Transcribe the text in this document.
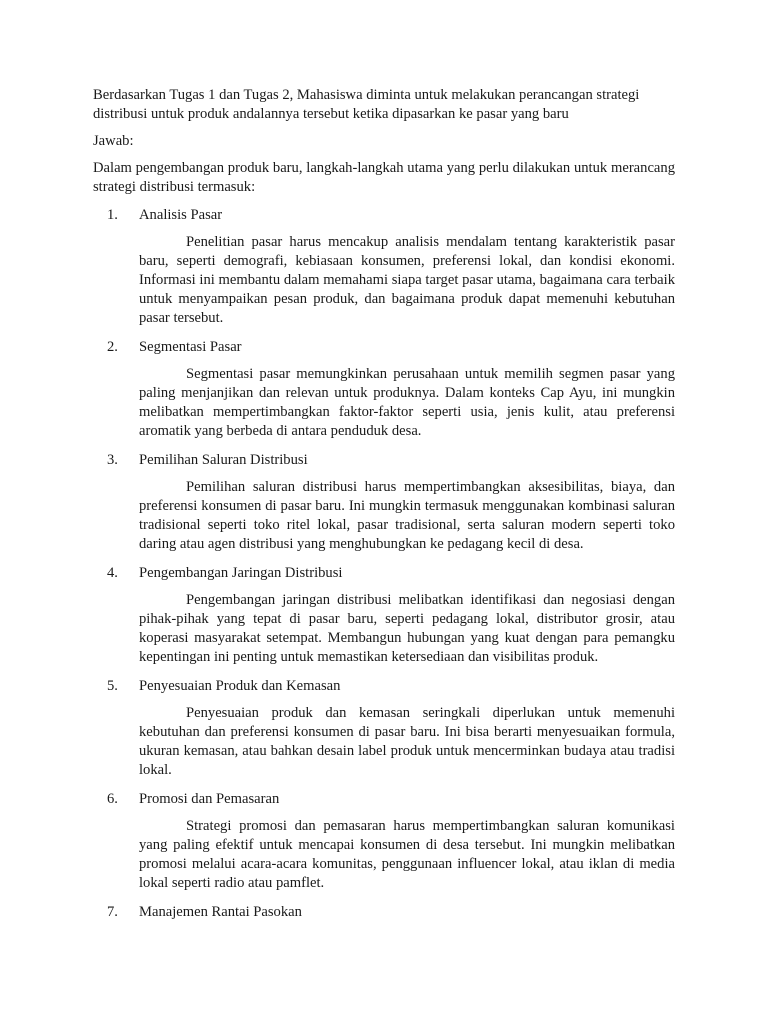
Berdasarkan Tugas 1 dan Tugas 2, Mahasiswa diminta untuk melakukan perancangan strategi distribusi untuk produk andalannya tersebut ketika dipasarkan ke pasar yang baru

Jawab:

Dalam pengembangan produk baru, langkah-langkah utama yang perlu dilakukan untuk merancang strategi distribusi termasuk:

1.	Analisis Pasar

Penelitian pasar harus mencakup analisis mendalam tentang karakteristik pasar baru, seperti demografi, kebiasaan konsumen, preferensi lokal, dan kondisi ekonomi. Informasi ini membantu dalam memahami siapa target pasar utama, bagaimana cara terbaik untuk menyampaikan pesan produk, dan bagaimana produk dapat memenuhi kebutuhan pasar tersebut.

2.	Segmentasi Pasar

Segmentasi pasar memungkinkan perusahaan untuk memilih segmen pasar yang paling menjanjikan dan relevan untuk produknya. Dalam konteks Cap Ayu, ini mungkin melibatkan mempertimbangkan faktor-faktor seperti usia, jenis kulit, atau preferensi aromatik yang berbeda di antara penduduk desa.

3.	Pemilihan Saluran Distribusi

Pemilihan saluran distribusi harus mempertimbangkan aksesibilitas, biaya, dan preferensi konsumen di pasar baru. Ini mungkin termasuk menggunakan kombinasi saluran tradisional seperti toko ritel lokal, pasar tradisional, serta saluran modern seperti toko daring atau agen distribusi yang menghubungkan ke pedagang kecil di desa.

4.	Pengembangan Jaringan Distribusi

Pengembangan jaringan distribusi melibatkan identifikasi dan negosiasi dengan pihak-pihak yang tepat di pasar baru, seperti pedagang lokal, distributor grosir, atau koperasi masyarakat setempat. Membangun hubungan yang kuat dengan para pemangku kepentingan ini penting untuk memastikan ketersediaan dan visibilitas produk.

5.	Penyesuaian Produk dan Kemasan

Penyesuaian produk dan kemasan seringkali diperlukan untuk memenuhi kebutuhan dan preferensi konsumen di pasar baru. Ini bisa berarti menyesuaikan formula, ukuran kemasan, atau bahkan desain label produk untuk mencerminkan budaya atau tradisi lokal.

6.	Promosi dan Pemasaran

Strategi promosi dan pemasaran harus mempertimbangkan saluran komunikasi yang paling efektif untuk mencapai konsumen di desa tersebut. Ini mungkin melibatkan promosi melalui acara-acara komunitas, penggunaan influencer lokal, atau iklan di media lokal seperti radio atau pamflet.

7.	Manajemen Rantai Pasokan
